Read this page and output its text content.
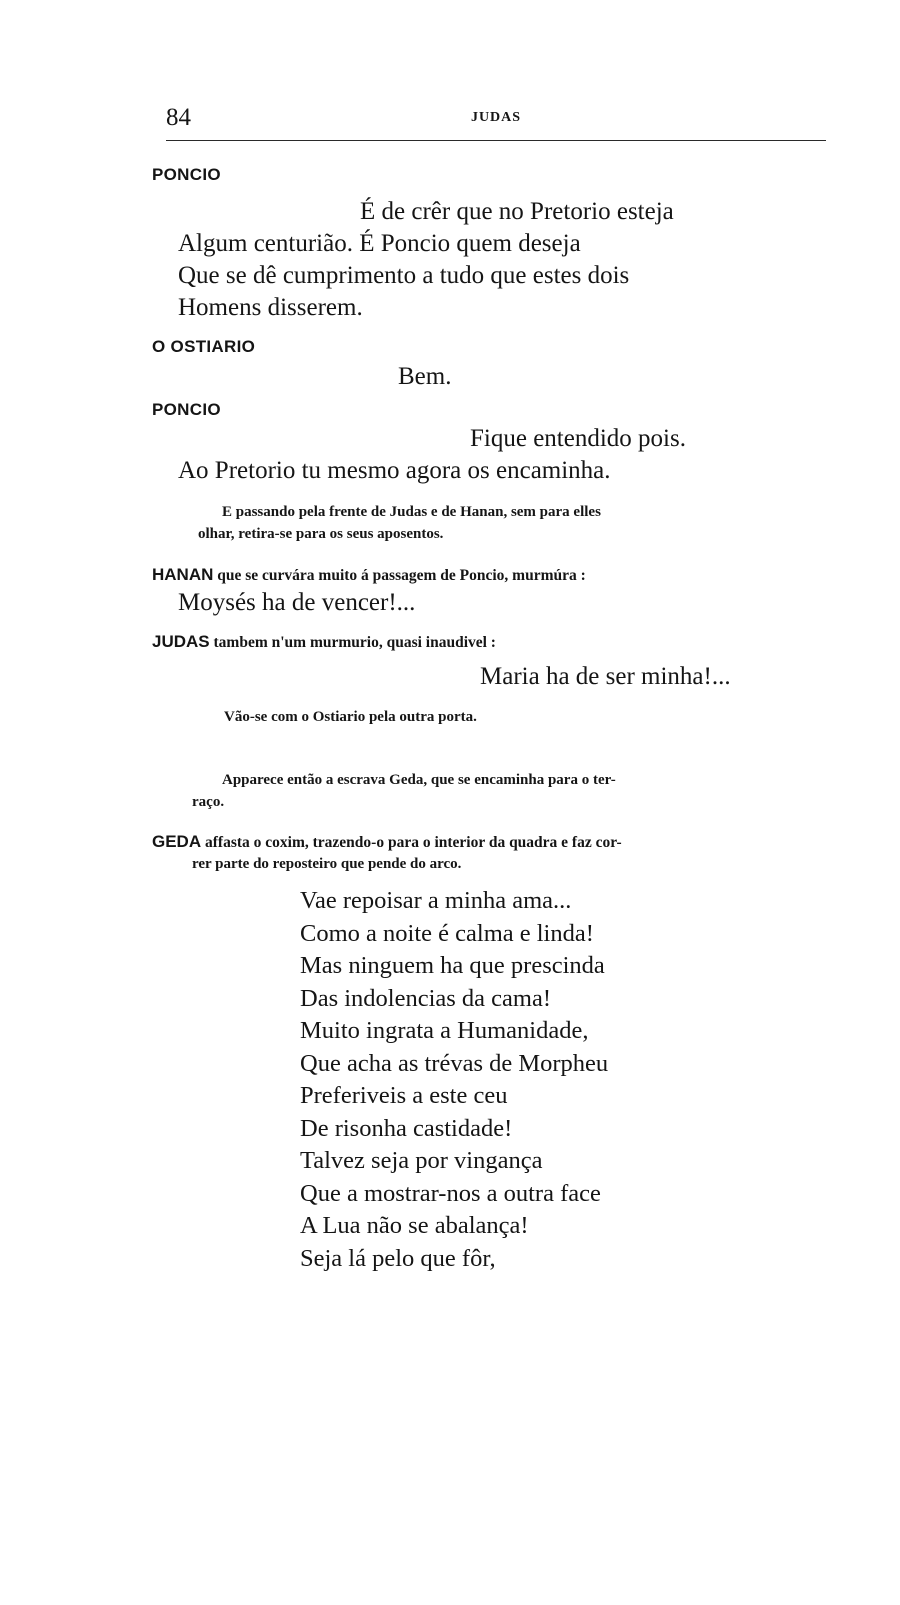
84	JUDAS
PONCIO
É de crêr que no Pretorio esteja
Algum centurião. É Poncio quem deseja
Que se dê cumprimento a tudo que estes dois
Homens disserem.
O OSTIARIO
Bem.
PONCIO
Fique entendido pois.
Ao Pretorio tu mesmo agora os encaminha.
E passando pela frente de Judas e de Hanan, sem para elles
olhar, retira-se para os seus aposentos.
HANAN que se curvára muito á passagem de Poncio, murmúra :
Moysés ha de vencer!...
JUDAS tambem n'um murmurio, quasi inaudivel :
Maria ha de ser minha!...
Vão-se com o Ostiario pela outra porta.
Apparece então a escrava Geda, que se encaminha para o ter-
raço.
GEDA affasta o coxim, trazendo-o para o interior da quadra e faz cor-
rer parte do reposteiro que pende do arco.
Vae repoisar a minha ama...
Como a noite é calma e linda!
Mas ninguem ha que prescinda
Das indolencias da cama!
Muito ingrata a Humanidade,
Que acha as trévas de Morpheu
Preferiveis a este ceu
De risonha castidade!
Talvez seja por vingança
Que a mostrar-nos a outra face
A Lua não se abalança!
Seja lá pelo que fôr,
